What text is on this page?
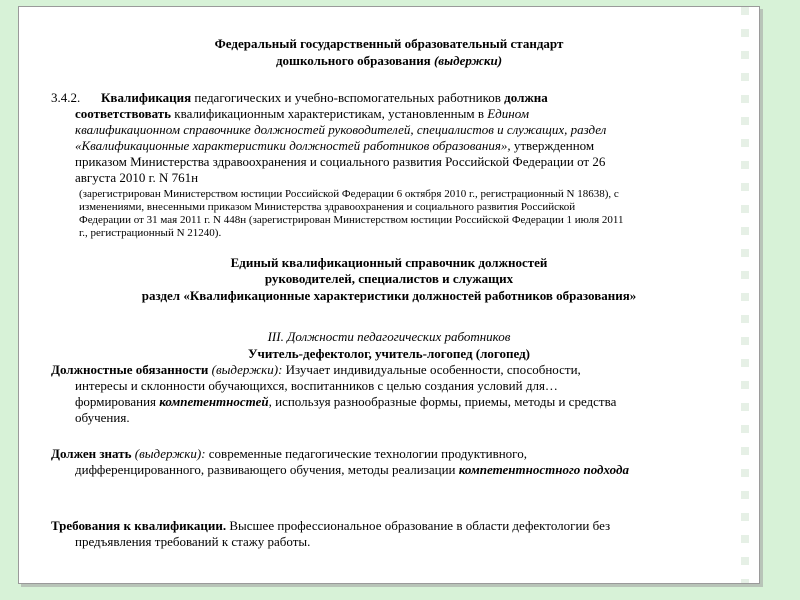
Федеральный государственный образовательный стандарт
дошкольного образования (выдержки)
3.4.2. Квалификация педагогических и учебно-вспомогательных работников должна
соответствовать квалификационным характеристикам, установленным в Едином
квалификационном справочнике должностей руководителей, специалистов и служащих, раздел
«Квалификационные характеристики должностей работников образования», утвержденном
приказом Министерства здравоохранения и социального развития Российской Федерации от 26
августа 2010 г. N 761н
(зарегистрирован Министерством юстиции Российской Федерации 6 октября 2010 г., регистрационный N 18638), с
изменениями, внесенными приказом Министерства здравоохранения и социального развития Российской
Федерации от 31 мая 2011 г. N 448н (зарегистрирован Министерством юстиции Российской Федерации 1 июля 2011
г., регистрационный N 21240).
Единый квалификационный справочник должностей
руководителей, специалистов и служащих
раздел «Квалификационные характеристики должностей работников образования»
III. Должности педагогических работников
Учитель-дефектолог, учитель-логопед (логопед)
Должностные обязанности (выдержки): Изучает индивидуальные особенности, способности,
интересы и склонности обучающихся, воспитанников с целью создания условий для…
формирования компетентностей, используя разнообразные формы, приемы, методы и средства
обучения.
Должен знать (выдержки): современные педагогические технологии продуктивного,
дифференцированного, развивающего обучения, методы реализации компетентностного подхода
Требования к квалификации. Высшее профессиональное образование в области дефектологии без
предъявления требований к стажу работы.
